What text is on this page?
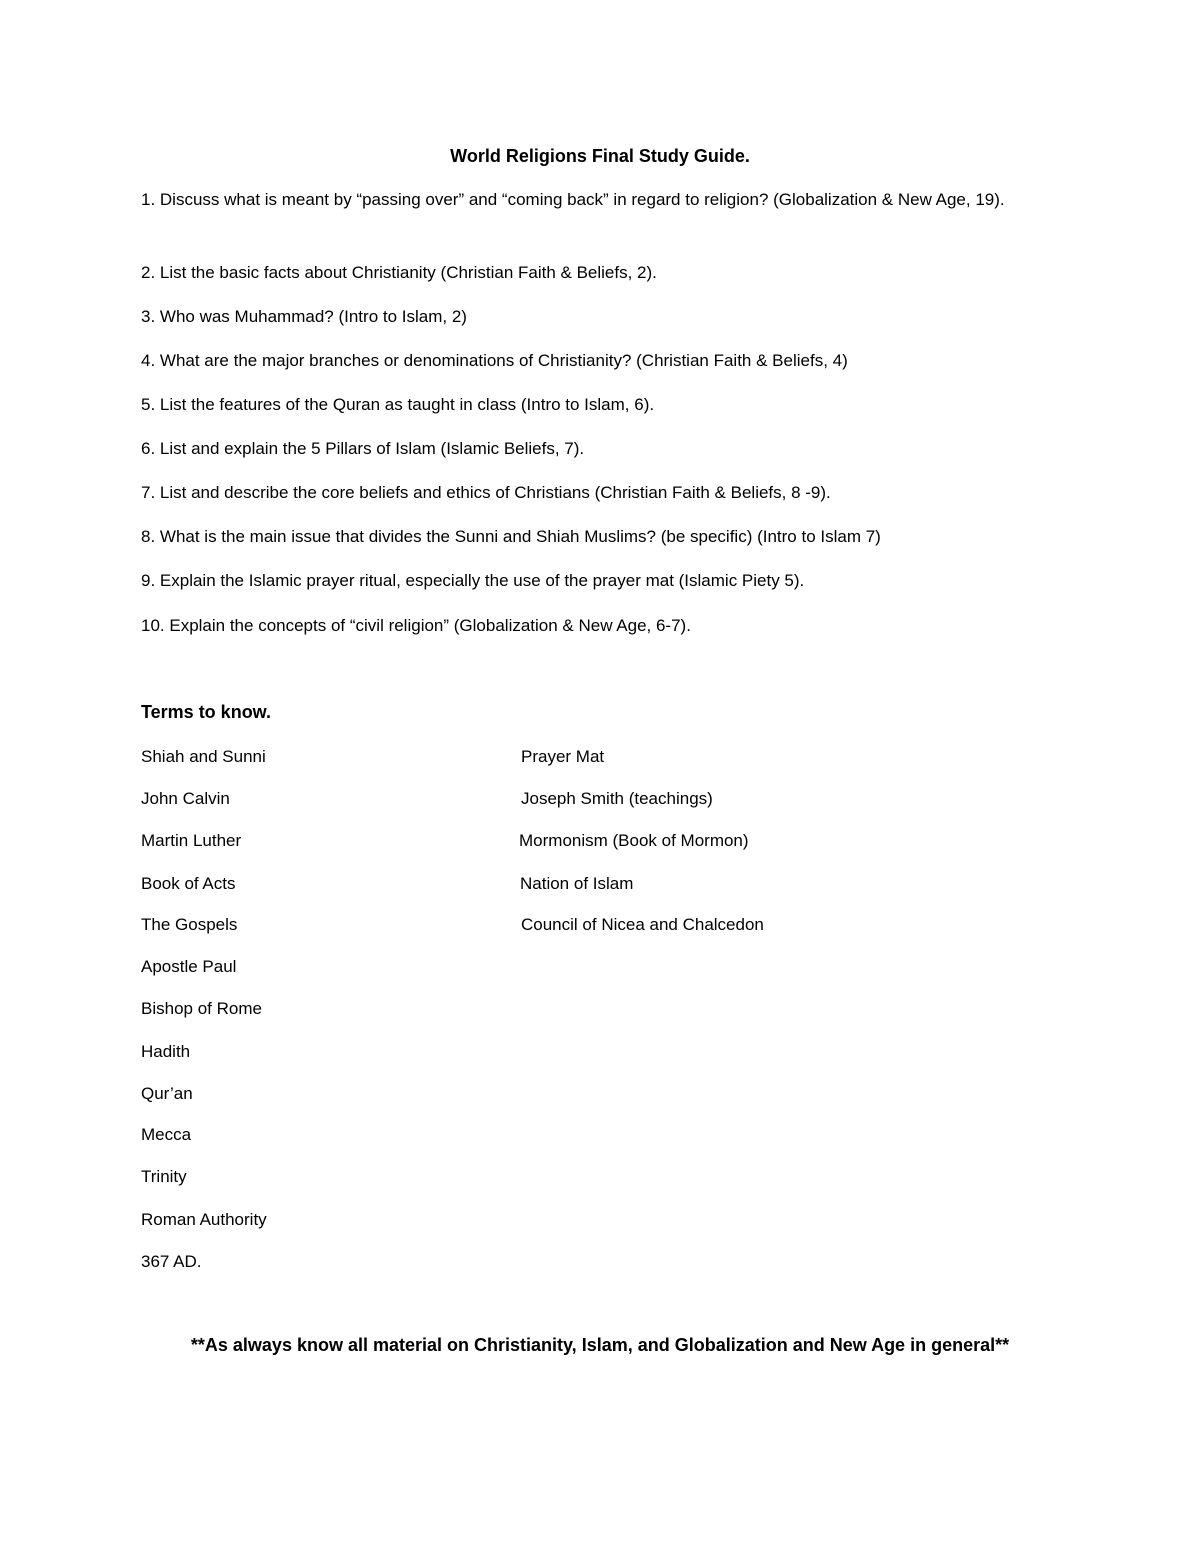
World Religions Final Study Guide.
1. Discuss what is meant by “passing over” and “coming back” in regard to religion? (Globalization & New Age, 19).
2. List the basic facts about Christianity (Christian Faith & Beliefs, 2).
3. Who was Muhammad? (Intro to Islam, 2)
4. What are the major branches or denominations of Christianity? (Christian Faith & Beliefs, 4)
5. List the features of the Quran as taught in class (Intro to Islam, 6).
6. List and explain the 5 Pillars of Islam (Islamic Beliefs, 7).
7. List and describe the core beliefs and ethics of Christians (Christian Faith & Beliefs, 8 -9).
8. What is the main issue that divides the Sunni and Shiah Muslims? (be specific) (Intro to Islam 7)
9. Explain the Islamic prayer ritual, especially the use of the prayer mat (Islamic Piety 5).
10. Explain the concepts of “civil religion” (Globalization & New Age, 6-7).
Terms to know.
Shiah and Sunni
John Calvin
Martin Luther
Book of Acts
The Gospels
Apostle Paul
Bishop of Rome
Hadith
Qur’an
Mecca
Trinity
Roman Authority
367 AD.
Prayer Mat
Joseph Smith (teachings)
Mormonism (Book of Mormon)
Nation of Islam
Council of Nicea and Chalcedon
**As always know all material on Christianity, Islam, and Globalization and New Age in general**
